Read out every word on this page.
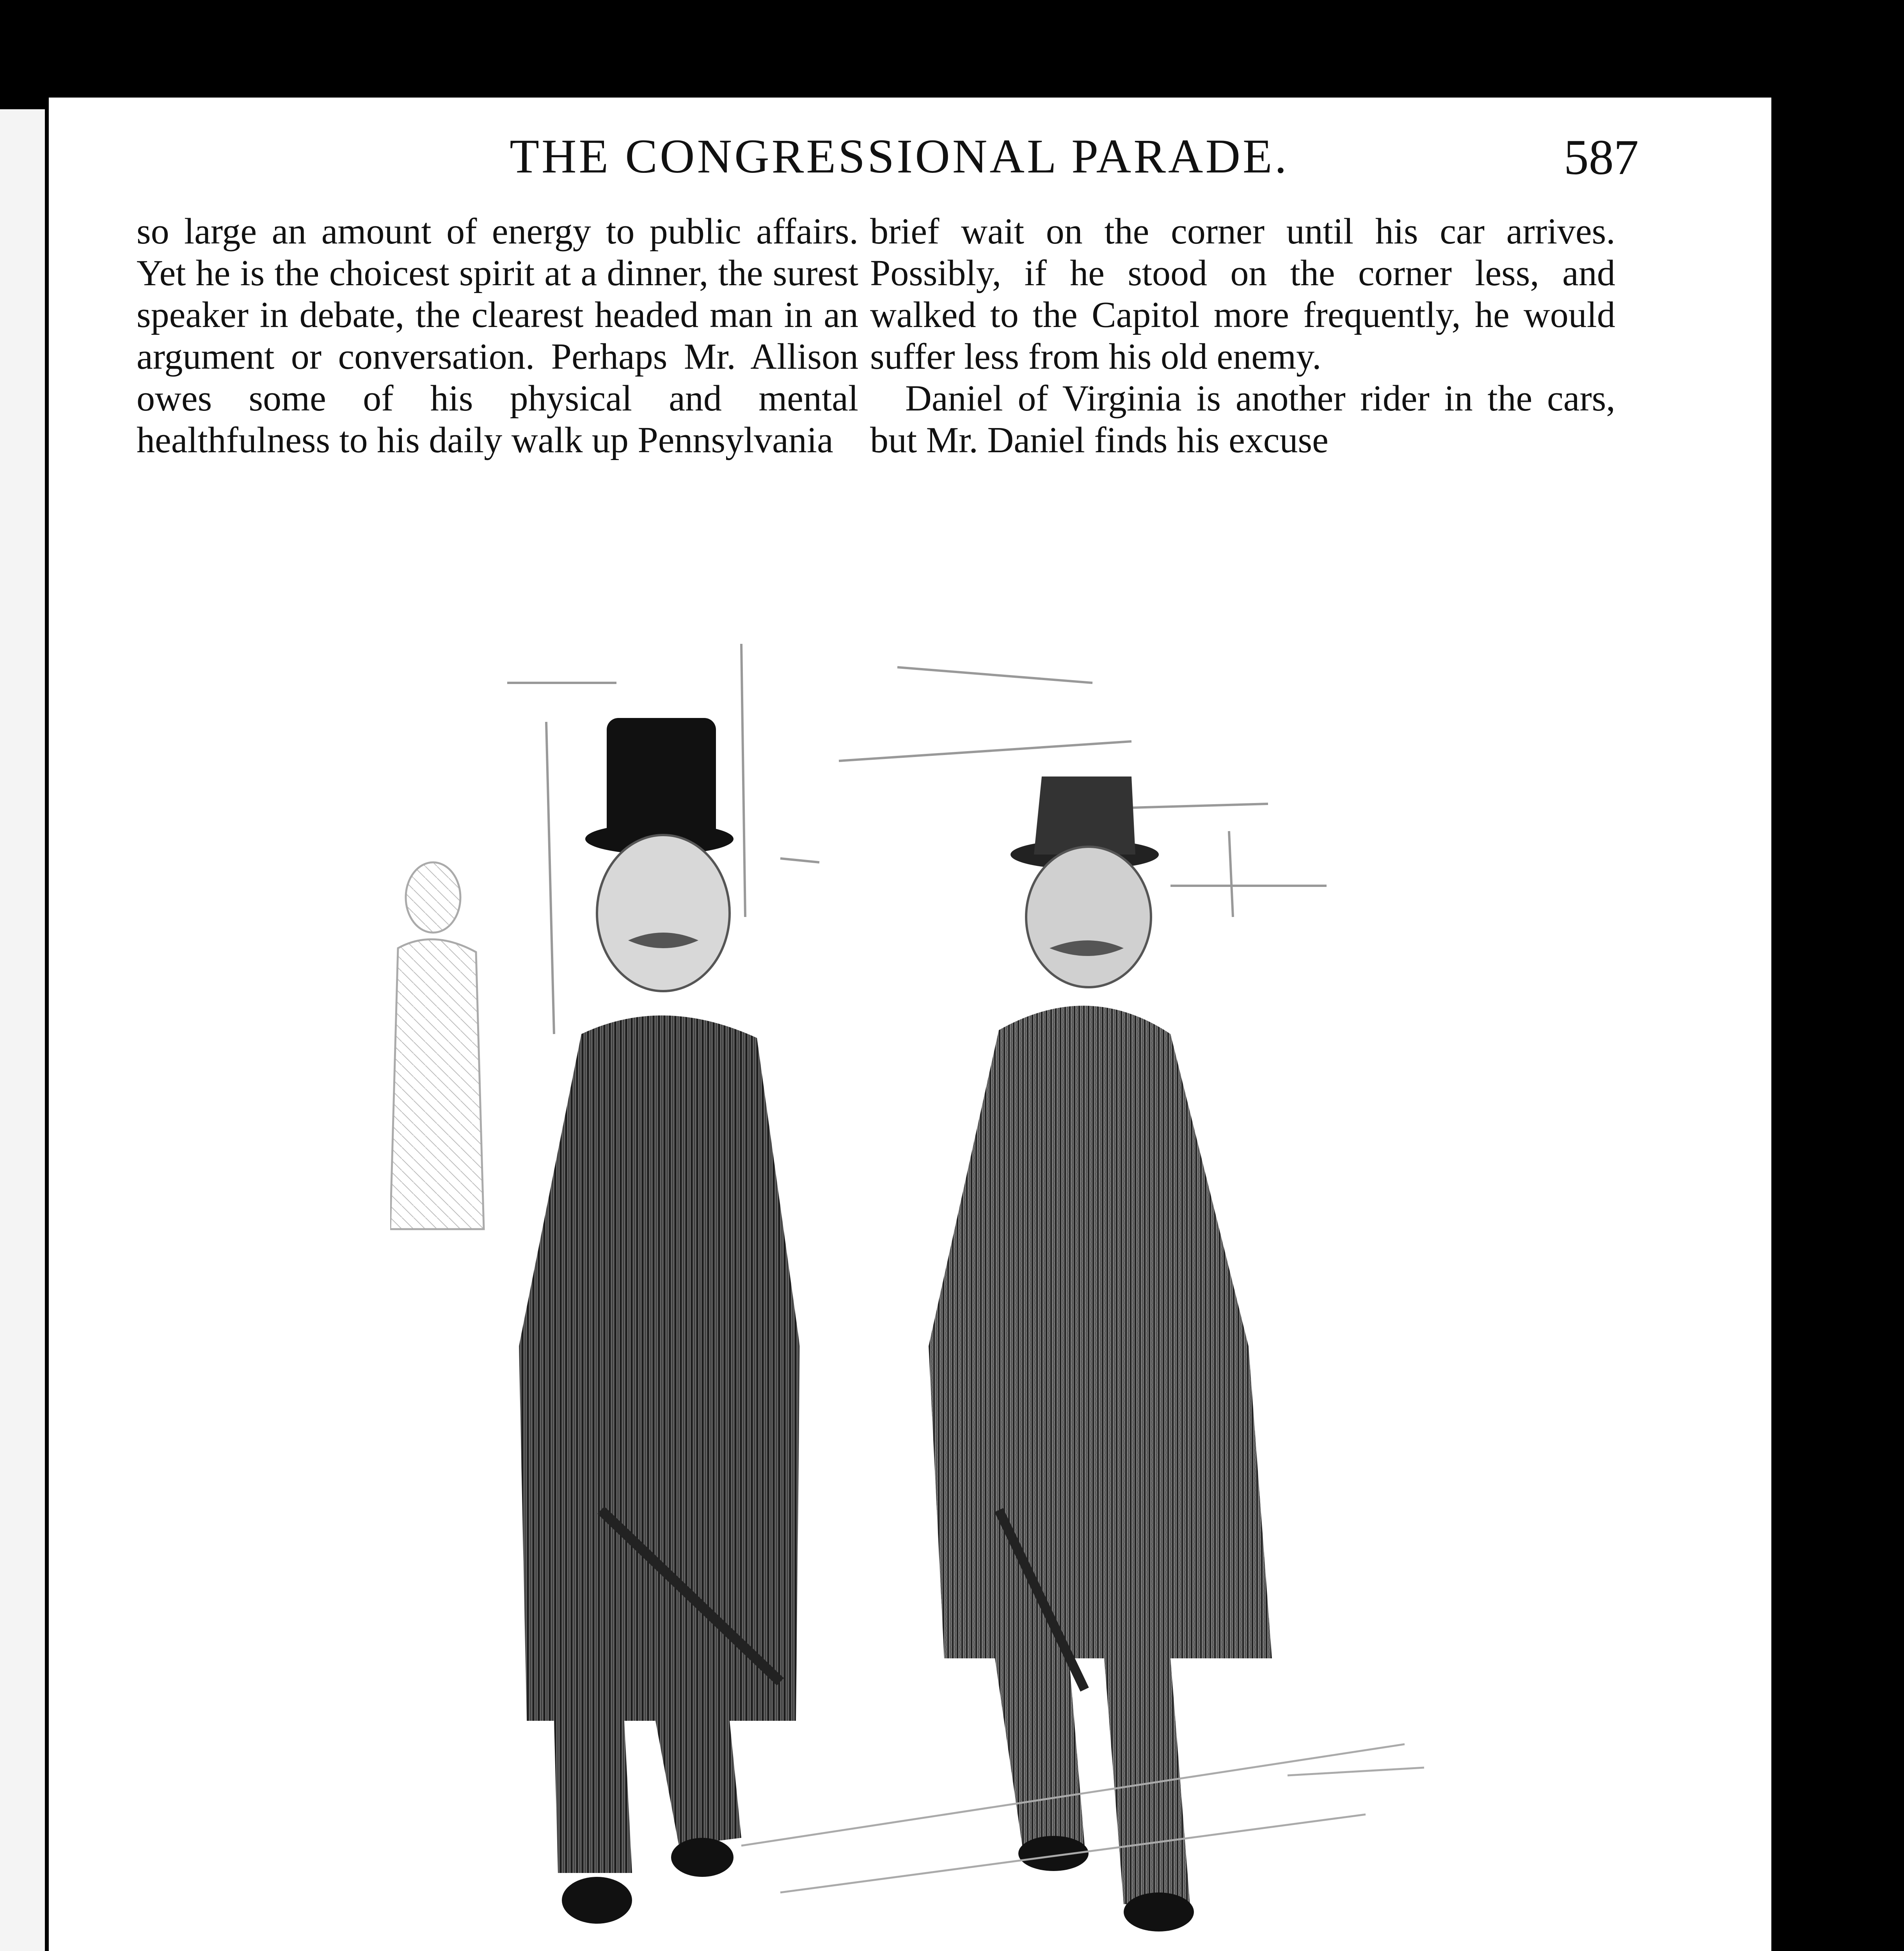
THE CONGRESSIONAL PARADE.	587

so large an amount of energy to public affairs. Yet he is the choicest spirit at a dinner, the surest speaker in debate, the clearest headed man in an argument or conversation. Perhaps Mr. Allison owes some of his physical and mental healthfulness to his daily walk up Pennsylvania

brief wait on the corner until his car arrives. Possibly, if he stood on the corner less, and walked to the Capitol more frequently, he would suffer less from his old enemy.

Daniel of Virginia is another rider in the cars, but Mr. Daniel finds his excuse
